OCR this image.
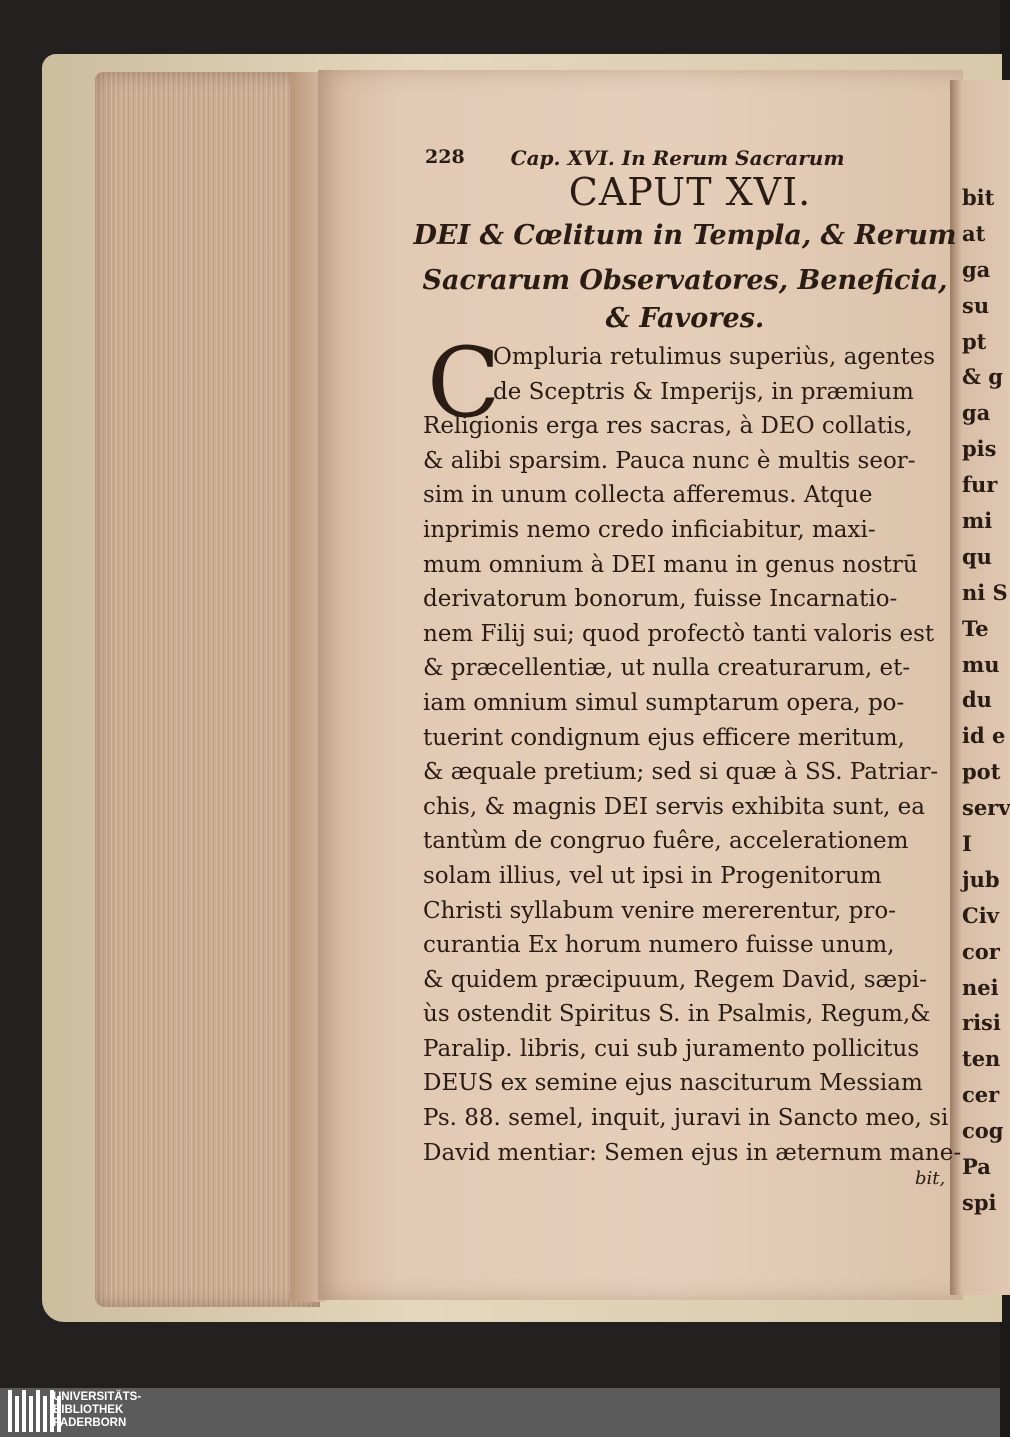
228 Cap. XVI. In Rerum Sacrarum
CAPUT XVI.
DEI & Cœlitum in Templa, & Rerum
Sacrarum Observatores, Beneficia,
& Favores.
C
Ompluria retulimus superiùs, agentes
de Sceptris & Imperijs, in præmium
Religionis erga res sacras, à DEO collatis,
& alibi sparsim. Pauca nunc è multis seor-
sim in unum collecta afferemus. Atque
inprimis nemo credo inficiabitur, maxi-
mum omnium à DEI manu in genus nostrū
derivatorum bonorum, fuisse Incarnatio-
nem Filij sui; quod profectò tanti valoris est
& præcellentiæ, ut nulla creaturarum, et-
iam omnium simul sumptarum opera, po-
tuerint condignum ejus efficere meritum,
& æquale pretium; sed si quæ à SS. Patriar-
chis, & magnis DEI servis exhibita sunt, ea
tantùm de congruo fuêre, accelerationem
solam illius, vel ut ipsi in Progenitorum
Christi syllabum venire mererentur, pro-
curantia Ex horum numero fuisse unum,
& quidem præcipuum, Regem David, sæpi-
ùs ostendit Spiritus S. in Psalmis, Regum,&
Paralip. libris, cui sub juramento pollicitus
DEUS ex semine ejus nasciturum Messiam
Ps. 88. semel, inquit, juravi in Sancto meo, si
David mentiar: Semen ejus in æternum mane-
bit,
bit
at
ga
su
pt
& g
ga
pis
fur
mi
qu
ni S
Te
mu
du
id e
pot
serv
I
jub
Civ
cor
nei
risi
ten
cer
cog
Pa
spi
UNIVERSITÄTS-
BIBLIOTHEK
PADERBORN
